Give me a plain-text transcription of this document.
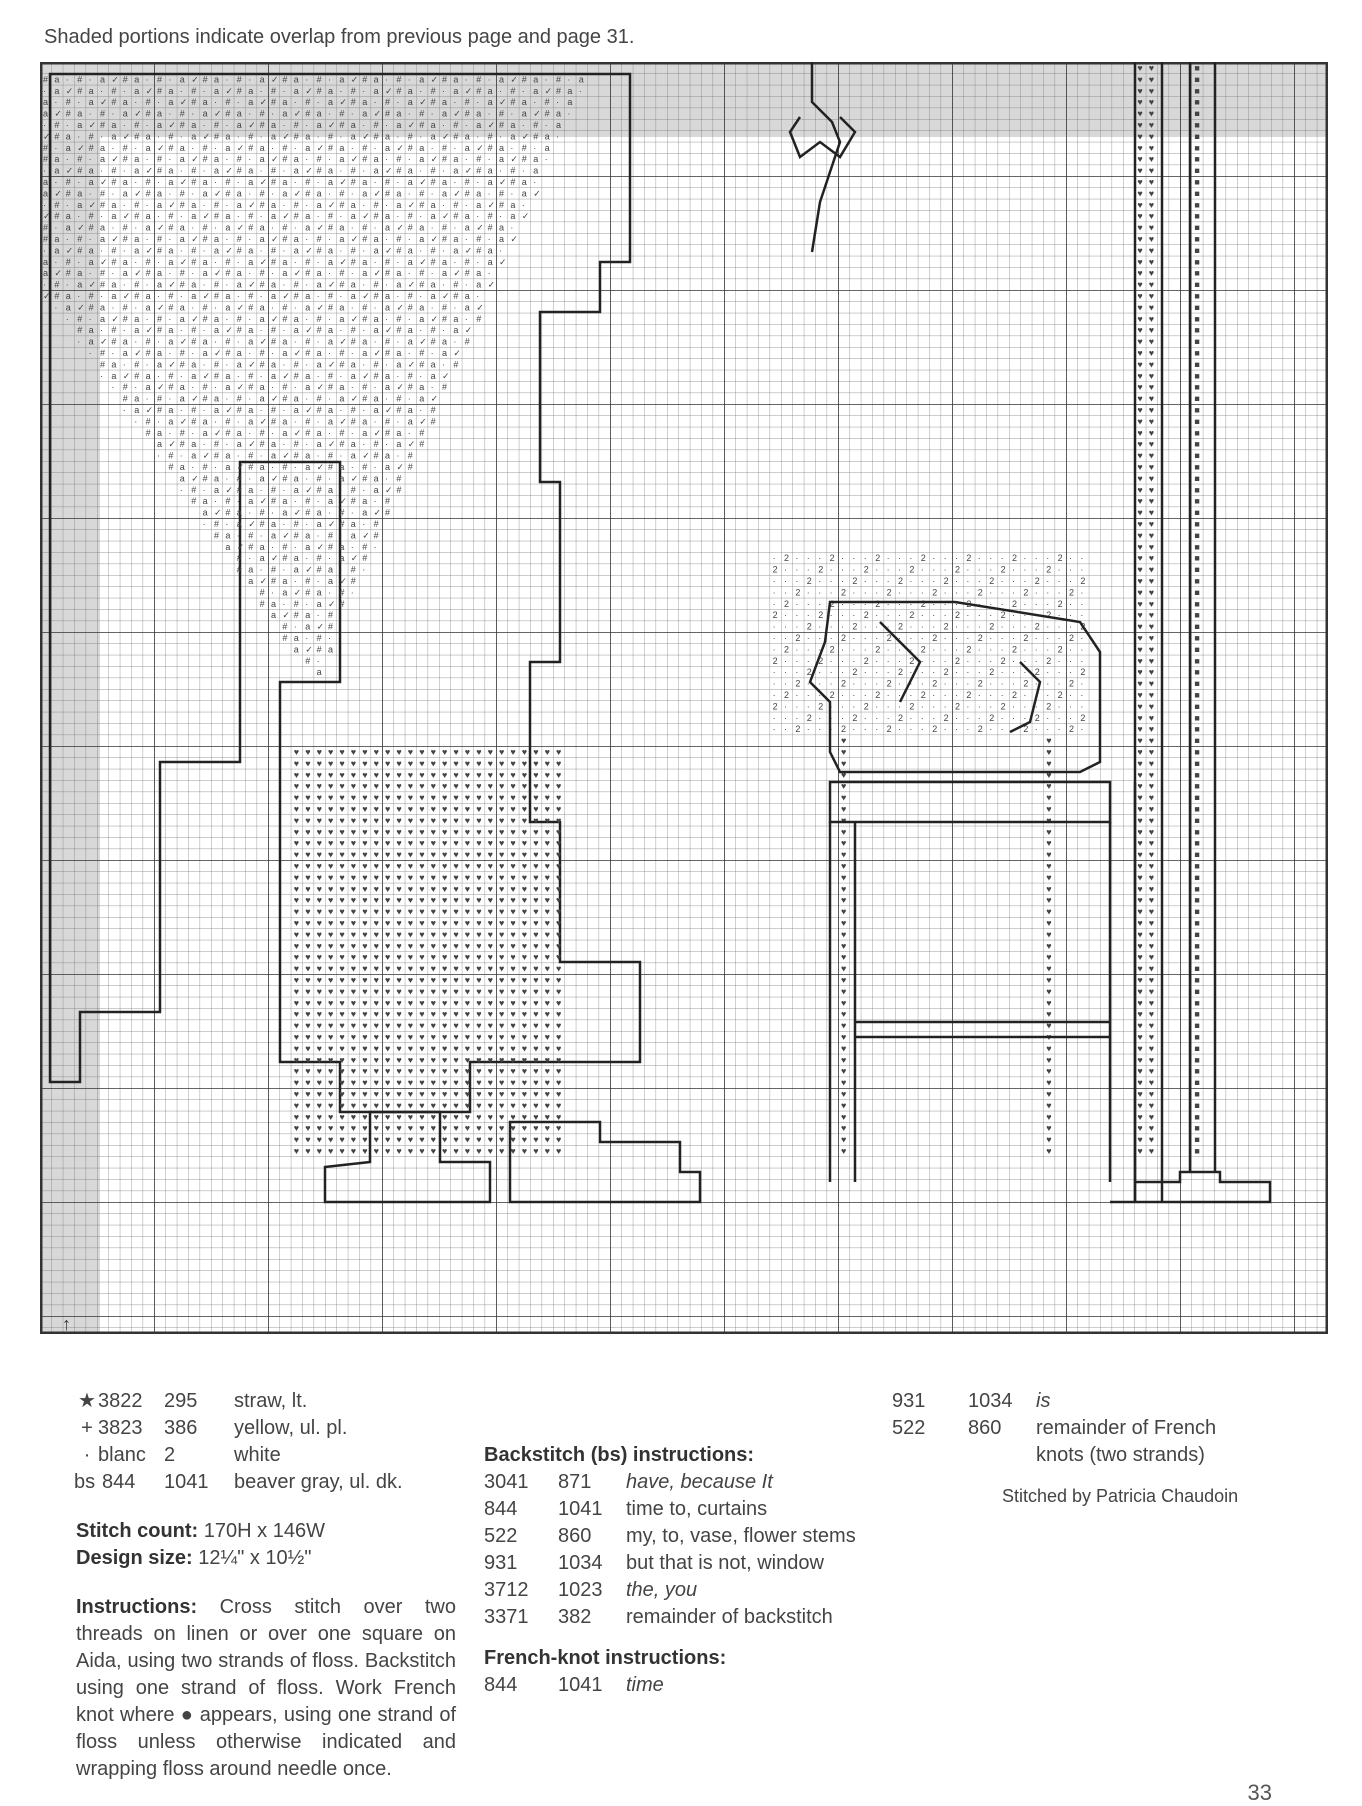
Shaded portions indicate overlap from previous page and page 31.
# a · # · a ✓ # a · # · a ✓ # a · # · a ✓ # a · # · a ✓ # a · # · a ✓ # a · # · a ✓ # a · # · a
· a ✓ # a · # · a ✓ # a · # · a ✓ # a · # · a ✓ # a · # · a ✓ # a · # · a ✓ # a · # · a ✓ # a ·
a · # · a ✓ # a · # · a ✓ # a · # · a ✓ # a · # · a ✓ # a · # · a ✓ # a · # · a ✓ # a · # · a
a ✓ # a · # · a ✓ # a · # · a ✓ # a · # · a ✓ # a · # · a ✓ # a · # · a ✓ # a · # · a ✓ # a ·
· # · a ✓ # a · # · a ✓ # a · # · a ✓ # a · # · a ✓ # a · # · a ✓ # a · # · a ✓ # a · # · a
✓ # a · # · a ✓ # a · # · a ✓ # a · # · a ✓ # a · # · a ✓ # a · # · a ✓ # a · # · a ✓ # a ·
# · a ✓ # a · # · a ✓ # a · # · a ✓ # a · # · a ✓ # a · # · a ✓ # a · # · a ✓ # a · # · a
# a · # · a ✓ # a · # · a ✓ # a · # · a ✓ # a · # · a ✓ # a · # · a ✓ # a · # · a ✓ # a ·
· a ✓ # a · # · a ✓ # a · # · a ✓ # a · # · a ✓ # a · # · a ✓ # a · # · a ✓ # a · # · a
a · # · a ✓ # a · # · a ✓ # a · # · a ✓ # a · # · a ✓ # a · # · a ✓ # a · # · a ✓ # a ·
a ✓ # a · # · a ✓ # a · # · a ✓ # a · # · a ✓ # a · # · a ✓ # a · # · a ✓ # a · # · a ✓
· # · a ✓ # a · # · a ✓ # a · # · a ✓ # a · # · a ✓ # a · # · a ✓ # a · # · a ✓ # a ·
✓ # a · # · a ✓ # a · # · a ✓ # a · # · a ✓ # a · # · a ✓ # a · # · a ✓ # a · # · a ✓
# · a ✓ # a · # · a ✓ # a · # · a ✓ # a · # · a ✓ # a · # · a ✓ # a · # · a ✓ # a ·
# a · # · a ✓ # a · # · a ✓ # a · # · a ✓ # a · # · a ✓ # a · # · a ✓ # a · # · a ✓
· a ✓ # a · # · a ✓ # a · # · a ✓ # a · # · a ✓ # a · # · a ✓ # a · # · a ✓ # a ·
a · # · a ✓ # a · # · a ✓ # a · # · a ✓ # a · # · a ✓ # a · # · a ✓ # a · # · a ✓
a ✓ # a · # · a ✓ # a · # · a ✓ # a · # · a ✓ # a · # · a ✓ # a · # · a ✓ # a ·
· # · a ✓ # a · # · a ✓ # a · # · a ✓ # a · # · a ✓ # a · # · a ✓ # a · # · a ✓
✓ # a · # · a ✓ # a · # · a ✓ # a · # · a ✓ # a · # · a ✓ # a · # · a ✓ # a ·
· a ✓ # a · # · a ✓ # a · # · a ✓ # a · # · a ✓ # a · # · a ✓ # a · # · a ✓
· # · a ✓ # a · # · a ✓ # a · # · a ✓ # a · # · a ✓ # a · # · a ✓ # a · #
# a · # · a ✓ # a · # · a ✓ # a · # · a ✓ # a · # · a ✓ # a · # · a ✓
· a ✓ # a · # · a ✓ # a · # · a ✓ # a · # · a ✓ # a · # · a ✓ # a · #
· # · a ✓ # a · # · a ✓ # a · # · a ✓ # a · # · a ✓ # a · # · a ✓
# a · # · a ✓ # a · # · a ✓ # a · # · a ✓ # a · # · a ✓ # a · #
· a ✓ # a · # · a ✓ # a · # · a ✓ # a · # · a ✓ # a · # · a ✓
· # · a ✓ # a · # · a ✓ # a · # · a ✓ # a · # · a ✓ # a · #
# a · # · a ✓ # a · # · a ✓ # a · # · a ✓ # a · # · a ✓
· a ✓ # a · # · a ✓ # a · # · a ✓ # a · # · a ✓ # a · #
· # · a ✓ # a · # · a ✓ # a · # · a ✓ # a · # · a ✓ #
# a · # · a ✓ # a · # · a ✓ # a · # · a ✓ # a · #
a ✓ # a · # · a ✓ # a · # · a ✓ # a · # · a ✓ #
· # · a ✓ # a · # · a ✓ # a · # · a ✓ # a · #
# a · # · a ✓ # a · # · a ✓ # a · # · a ✓ #
a ✓ # a · # · a ✓ # a · # · a ✓ # a · #
· # · a ✓ # a · # · a ✓ # a · # · a ✓ #
# a · # · a ✓ # a · # · a ✓ # a · #
a ✓ # a · # · a ✓ # a · # · a ✓ #
· # · a ✓ # a · # · a ✓ # a · #
# a · # · a ✓ # a · # · a ✓ #
a ✓ # a · # · a ✓ # a · # ·
# · a ✓ # a · # · a ✓ #
# a · # · a ✓ # a · # ·
a ✓ # a · # · a ✓ #
# · a ✓ # a · # ·
# a · # · a ✓ #
a ✓ # a · # ·
# · a ✓ #
# a · # ·
a ✓ # a
# ·
a
♥ ♥ ♥ ♥ ♥ ♥ ♥ ♥ ♥ ♥ ♥ ♥ ♥ ♥ ♥ ♥ ♥ ♥ ♥ ♥ ♥ ♥ ♥ ♥
♥ ♥ ♥ ♥ ♥ ♥ ♥ ♥ ♥ ♥ ♥ ♥ ♥ ♥ ♥ ♥ ♥ ♥ ♥ ♥ ♥ ♥ ♥ ♥
♥ ♥ ♥ ♥ ♥ ♥ ♥ ♥ ♥ ♥ ♥ ♥ ♥ ♥ ♥ ♥ ♥ ♥ ♥ ♥ ♥ ♥ ♥ ♥
♥ ♥ ♥ ♥ ♥ ♥ ♥ ♥ ♥ ♥ ♥ ♥ ♥ ♥ ♥ ♥ ♥ ♥ ♥ ♥ ♥ ♥ ♥ ♥
♥ ♥ ♥ ♥ ♥ ♥ ♥ ♥ ♥ ♥ ♥ ♥ ♥ ♥ ♥ ♥ ♥ ♥ ♥ ♥ ♥ ♥ ♥ ♥
♥ ♥ ♥ ♥ ♥ ♥ ♥ ♥ ♥ ♥ ♥ ♥ ♥ ♥ ♥ ♥ ♥ ♥ ♥ ♥ ♥ ♥ ♥ ♥
♥ ♥ ♥ ♥ ♥ ♥ ♥ ♥ ♥ ♥ ♥ ♥ ♥ ♥ ♥ ♥ ♥ ♥ ♥ ♥ ♥ ♥ ♥ ♥
♥ ♥ ♥ ♥ ♥ ♥ ♥ ♥ ♥ ♥ ♥ ♥ ♥ ♥ ♥ ♥ ♥ ♥ ♥ ♥ ♥ ♥ ♥ ♥
♥ ♥ ♥ ♥ ♥ ♥ ♥ ♥ ♥ ♥ ♥ ♥ ♥ ♥ ♥ ♥ ♥ ♥ ♥ ♥ ♥ ♥ ♥ ♥
♥ ♥ ♥ ♥ ♥ ♥ ♥ ♥ ♥ ♥ ♥ ♥ ♥ ♥ ♥ ♥ ♥ ♥ ♥ ♥ ♥ ♥ ♥ ♥
♥ ♥ ♥ ♥ ♥ ♥ ♥ ♥ ♥ ♥ ♥ ♥ ♥ ♥ ♥ ♥ ♥ ♥ ♥ ♥ ♥ ♥ ♥ ♥
♥ ♥ ♥ ♥ ♥ ♥ ♥ ♥ ♥ ♥ ♥ ♥ ♥ ♥ ♥ ♥ ♥ ♥ ♥ ♥ ♥ ♥ ♥ ♥
♥ ♥ ♥ ♥ ♥ ♥ ♥ ♥ ♥ ♥ ♥ ♥ ♥ ♥ ♥ ♥ ♥ ♥ ♥ ♥ ♥ ♥ ♥ ♥
♥ ♥ ♥ ♥ ♥ ♥ ♥ ♥ ♥ ♥ ♥ ♥ ♥ ♥ ♥ ♥ ♥ ♥ ♥ ♥ ♥ ♥ ♥ ♥
♥ ♥ ♥ ♥ ♥ ♥ ♥ ♥ ♥ ♥ ♥ ♥ ♥ ♥ ♥ ♥ ♥ ♥ ♥ ♥ ♥ ♥ ♥ ♥
♥ ♥ ♥ ♥ ♥ ♥ ♥ ♥ ♥ ♥ ♥ ♥ ♥ ♥ ♥ ♥ ♥ ♥ ♥ ♥ ♥ ♥ ♥ ♥
♥ ♥ ♥ ♥ ♥ ♥ ♥ ♥ ♥ ♥ ♥ ♥ ♥ ♥ ♥ ♥ ♥ ♥ ♥ ♥ ♥ ♥ ♥ ♥
♥ ♥ ♥ ♥ ♥ ♥ ♥ ♥ ♥ ♥ ♥ ♥ ♥ ♥ ♥ ♥ ♥ ♥ ♥ ♥ ♥ ♥ ♥ ♥
♥ ♥ ♥ ♥ ♥ ♥ ♥ ♥ ♥ ♥ ♥ ♥ ♥ ♥ ♥ ♥ ♥ ♥ ♥ ♥ ♥ ♥ ♥ ♥
♥ ♥ ♥ ♥ ♥ ♥ ♥ ♥ ♥ ♥ ♥ ♥ ♥ ♥ ♥ ♥ ♥ ♥ ♥ ♥ ♥ ♥ ♥ ♥
♥ ♥ ♥ ♥ ♥ ♥ ♥ ♥ ♥ ♥ ♥ ♥ ♥ ♥ ♥ ♥ ♥ ♥ ♥ ♥ ♥ ♥ ♥ ♥
♥ ♥ ♥ ♥ ♥ ♥ ♥ ♥ ♥ ♥ ♥ ♥ ♥ ♥ ♥ ♥ ♥ ♥ ♥ ♥ ♥ ♥ ♥ ♥
♥ ♥ ♥ ♥ ♥ ♥ ♥ ♥ ♥ ♥ ♥ ♥ ♥ ♥ ♥ ♥ ♥ ♥ ♥ ♥ ♥ ♥ ♥ ♥
♥ ♥ ♥ ♥ ♥ ♥ ♥ ♥ ♥ ♥ ♥ ♥ ♥ ♥ ♥ ♥ ♥ ♥ ♥ ♥ ♥ ♥ ♥ ♥
♥ ♥ ♥ ♥ ♥ ♥ ♥ ♥ ♥ ♥ ♥ ♥ ♥ ♥ ♥ ♥ ♥ ♥ ♥ ♥ ♥ ♥ ♥ ♥
♥ ♥ ♥ ♥ ♥ ♥ ♥ ♥ ♥ ♥ ♥ ♥ ♥ ♥ ♥ ♥ ♥ ♥ ♥ ♥ ♥ ♥ ♥ ♥
♥ ♥ ♥ ♥ ♥ ♥ ♥ ♥ ♥ ♥ ♥ ♥ ♥ ♥ ♥ ♥ ♥ ♥ ♥ ♥ ♥ ♥ ♥ ♥
♥ ♥ ♥ ♥ ♥ ♥ ♥ ♥ ♥ ♥ ♥ ♥ ♥ ♥ ♥ ♥ ♥ ♥ ♥ ♥ ♥ ♥ ♥ ♥
♥ ♥ ♥ ♥ ♥ ♥ ♥ ♥ ♥ ♥ ♥ ♥ ♥ ♥ ♥ ♥ ♥ ♥ ♥ ♥ ♥ ♥ ♥ ♥
♥ ♥ ♥ ♥ ♥ ♥ ♥ ♥ ♥ ♥ ♥ ♥ ♥ ♥ ♥ ♥ ♥ ♥ ♥ ♥ ♥ ♥ ♥ ♥
♥ ♥ ♥ ♥ ♥ ♥ ♥ ♥ ♥ ♥ ♥ ♥ ♥ ♥ ♥ ♥ ♥ ♥ ♥ ♥ ♥ ♥ ♥ ♥
♥ ♥ ♥ ♥ ♥ ♥ ♥ ♥ ♥ ♥ ♥ ♥ ♥ ♥ ♥ ♥ ♥ ♥ ♥ ♥ ♥ ♥ ♥ ♥
♥ ♥ ♥ ♥ ♥ ♥ ♥ ♥ ♥ ♥ ♥ ♥ ♥ ♥ ♥ ♥ ♥ ♥ ♥ ♥ ♥ ♥ ♥ ♥
♥ ♥ ♥ ♥ ♥ ♥ ♥ ♥ ♥ ♥ ♥ ♥ ♥ ♥ ♥ ♥ ♥ ♥ ♥ ♥ ♥ ♥ ♥ ♥
♥ ♥ ♥ ♥ ♥ ♥ ♥ ♥ ♥ ♥ ♥ ♥ ♥ ♥ ♥ ♥ ♥ ♥ ♥ ♥ ♥ ♥ ♥ ♥
♥ ♥ ♥ ♥ ♥ ♥ ♥ ♥ ♥ ♥ ♥ ♥ ♥ ♥ ♥ ♥ ♥ ♥ ♥ ♥ ♥ ♥ ♥ ♥
· 2 · · · 2 · · · 2 · · · 2 · · · 2 · · · 2 · · · 2 · ·
2 · · · 2 · · · 2 · · · 2 · · · 2 · · · 2 · · · 2 · · ·
· · · 2 · · · 2 · · · 2 · · · 2 · · · 2 · · · 2 · · · 2
· · 2 · · · 2 · · · 2 · · · 2 · · · 2 · · · 2 · · · 2 ·
· 2 · · · 2 · · · 2 · · · 2 · · · 2 · · · 2 · · · 2 · ·
2 · · · 2 · · · 2 · · · 2 · · · 2 · · · 2 · · · 2 · · ·
· · · 2 · · · 2 · · · 2 · · · 2 · · · 2 · · · 2 · · · 2
· · 2 · · · 2 · · · 2 · · · 2 · · · 2 · · · 2 · · · 2 ·
· 2 · · · 2 · · · 2 · · · 2 · · · 2 · · · 2 · · · 2 · ·
2 · · · 2 · · · 2 · · · 2 · · · 2 · · · 2 · · · 2 · · ·
· · · 2 · · · 2 · · · 2 · · · 2 · · · 2 · · · 2 · · · 2
· · 2 · · · 2 · · · 2 · · · 2 · · · 2 · · · 2 · · · 2 ·
· 2 · · · 2 · · · 2 · · · 2 · · · 2 · · · 2 · · · 2 · ·
2 · · · 2 · · · 2 · · · 2 · · · 2 · · · 2 · · · 2 · · ·
· · · 2 · · · 2 · · · 2 · · · 2 · · · 2 · · · 2 · · · 2
· · 2 · · · 2 · · · 2 · · · 2 · · · 2 · · · 2 · · · 2 ·
♥	♥
♥	♥
♥	♥
♥	♥
♥	♥
♥	♥
♥	♥
♥	♥
♥	♥
♥	♥
♥	♥
♥	♥
♥	♥
♥	♥
♥	♥
♥	♥
♥	♥
♥	♥
♥	♥
♥	♥
♥	♥
♥	♥
♥	♥
♥	♥
♥	♥
♥	♥
♥	♥
♥	♥
♥	♥
♥	♥
♥	♥
♥	♥
♥	♥
♥	♥
♥	♥
♥	♥
♥	♥
♥ ♥	■
♥ ♥	■
♥ ♥	■
♥ ♥	■
♥ ♥	■
♥ ♥	■
♥ ♥	■
♥ ♥	■
♥ ♥	■
♥ ♥	■
♥ ♥	■
♥ ♥	■
♥ ♥	■
♥ ♥	■
♥ ♥	■
♥ ♥	■
♥ ♥	■
♥ ♥	■
♥ ♥	■
♥ ♥	■
♥ ♥	■
♥ ♥	■
♥ ♥	■
♥ ♥	■
♥ ♥	■
♥ ♥	■
♥ ♥	■
♥ ♥	■
♥ ♥	■
♥ ♥	■
♥ ♥	■
♥ ♥	■
♥ ♥	■
♥ ♥	■
♥ ♥	■
♥ ♥	■
♥ ♥	■
♥ ♥	■
♥ ♥	■
♥ ♥	■
♥ ♥	■
♥ ♥	■
♥ ♥	■
♥ ♥	■
♥ ♥	■
♥ ♥	■
♥ ♥	■
♥ ♥	■
♥ ♥	■
♥ ♥	■
♥ ♥	■
♥ ♥	■
♥ ♥	■
♥ ♥	■
♥ ♥	■
♥ ♥	■
♥ ♥	■
♥ ♥	■
♥ ♥	■
♥ ♥	■
♥ ♥	■
♥ ♥	■
♥ ♥	■
♥ ♥	■
♥ ♥	■
♥ ♥	■
♥ ♥	■
♥ ♥	■
♥ ♥	■
♥ ♥	■
♥ ♥	■
♥ ♥	■
♥ ♥	■
♥ ♥	■
♥ ♥	■
♥ ♥	■
♥ ♥	■
♥ ♥	■
♥ ♥	■
♥ ♥	■
♥ ♥	■
♥ ♥	■
♥ ♥	■
♥ ♥	■
♥ ♥	■
♥ ♥	■
♥ ♥	■
♥ ♥	■
♥ ♥	■
♥ ♥	■
♥ ♥	■
♥ ♥	■
♥ ♥	■
♥ ♥	■
♥ ♥	■
♥ ♥	■
↑
★ 3822	295	straw, lt.
+ 3823	386	yellow, ul. pl.
· blanc 2	white
bs 844	1041	beaver gray, ul. dk.
Stitch count: 170H x 146W
Design size: 12¼" x 10½"
Instructions: Cross stitch over two threads on linen or over one square on Aida, using two strands of floss. Backstitch using one strand of floss. Work French knot where ● appears, using one strand of floss unless otherwise indicated and wrapping floss around needle once.
Backstitch (bs) instructions:
3041	871	have, because It
844	1041	time to, curtains
522	860	my, to, vase, flower stems
931	1034	but that is not, window
3712	1023	the, you
3371	382	remainder of backstitch
French-knot instructions:
844	1041	time
931	1034	is
522	860	remainder of French knots (two strands)
Stitched by Patricia Chaudoin
33
